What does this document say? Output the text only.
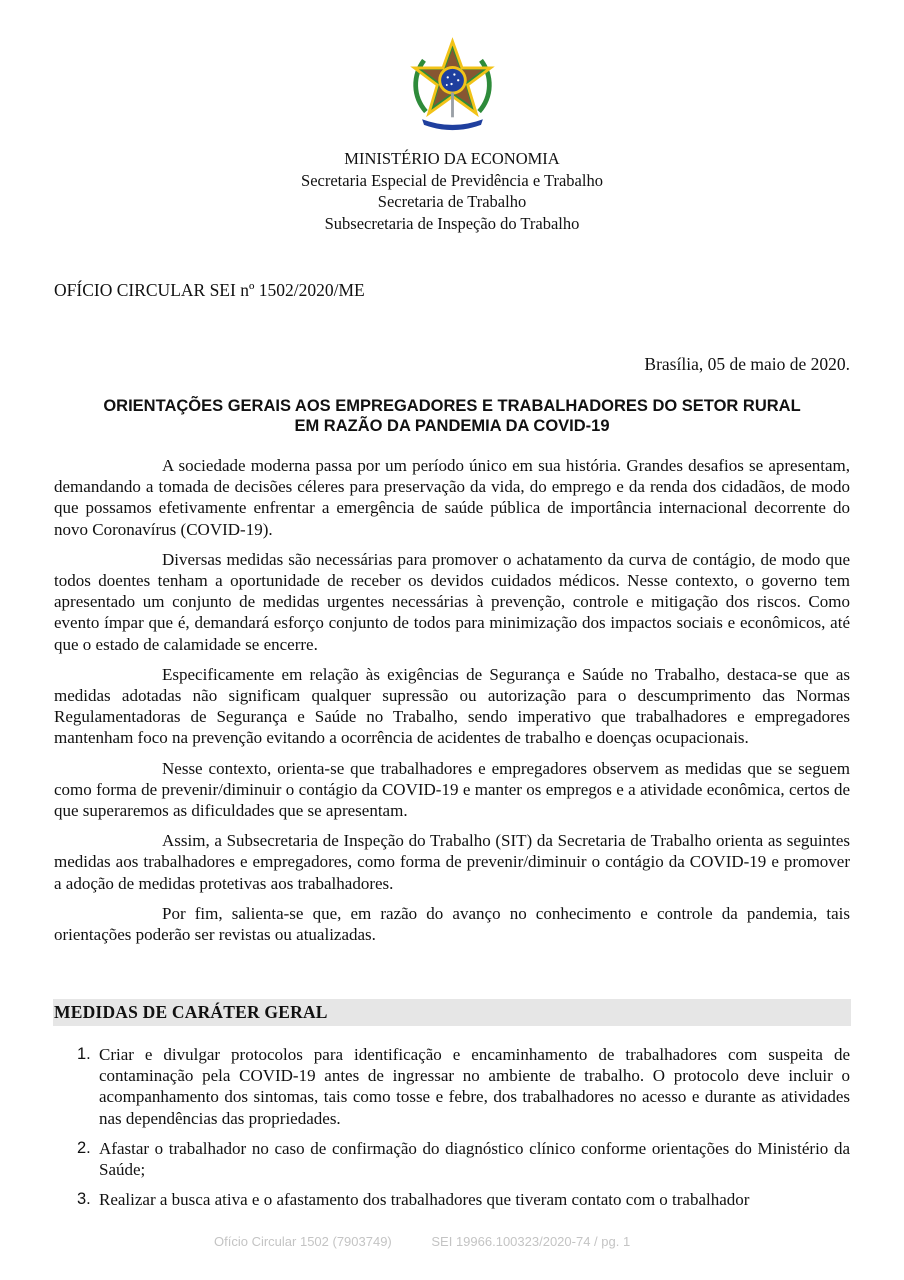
MINISTÉRIO DA ECONOMIA
Secretaria Especial de Previdência e Trabalho
Secretaria de Trabalho
Subsecretaria de Inspeção do Trabalho
OFÍCIO CIRCULAR SEI nº 1502/2020/ME
Brasília, 05 de maio de 2020.
ORIENTAÇÕES GERAIS AOS EMPREGADORES E TRABALHADORES DO SETOR RURAL
EM RAZÃO DA PANDEMIA DA COVID-19

A sociedade moderna passa por um período único em sua história. Grandes desafios se apresentam, demandando a tomada de decisões céleres para preservação da vida, do emprego e da renda dos cidadãos, de modo que possamos efetivamente enfrentar a emergência de saúde pública de importância internacional decorrente do novo Coronavírus (COVID-19).

Diversas medidas são necessárias para promover o achatamento da curva de contágio, de modo que todos doentes tenham a oportunidade de receber os devidos cuidados médicos. Nesse contexto, o governo tem apresentado um conjunto de medidas urgentes necessárias à prevenção, controle e mitigação dos riscos. Como evento ímpar que é, demandará esforço conjunto de todos para minimização dos impactos sociais e econômicos, até que o estado de calamidade se encerre.

Especificamente em relação às exigências de Segurança e Saúde no Trabalho, destaca-se que as medidas adotadas não significam qualquer supressão ou autorização para o descumprimento das Normas Regulamentadoras de Segurança e Saúde no Trabalho, sendo imperativo que trabalhadores e empregadores mantenham foco na prevenção evitando a ocorrência de acidentes de trabalho e doenças ocupacionais.

Nesse contexto, orienta-se que trabalhadores e empregadores observem as medidas que se seguem como forma de prevenir/diminuir o contágio da COVID-19 e manter os empregos e a atividade econômica, certos de que superaremos as dificuldades que se apresentam.

Assim, a Subsecretaria de Inspeção do Trabalho (SIT) da Secretaria de Trabalho orienta as seguintes medidas aos trabalhadores e empregadores, como forma de prevenir/diminuir o contágio da COVID-19 e promover a adoção de medidas protetivas aos trabalhadores.

Por fim, salienta-se que, em razão do avanço no conhecimento e controle da pandemia, tais orientações poderão ser revistas ou atualizadas.

MEDIDAS DE CARÁTER GERAL
1. Criar e divulgar protocolos para identificação e encaminhamento de trabalhadores com suspeita de contaminação pela COVID-19 antes de ingressar no ambiente de trabalho. O protocolo deve incluir o acompanhamento dos sintomas, tais como tosse e febre, dos trabalhadores no acesso e durante as atividades nas dependências das propriedades.
2. Afastar o trabalhador no caso de confirmação do diagnóstico clínico conforme orientações do Ministério da Saúde;
3. Realizar a busca ativa e o afastamento dos trabalhadores que tiveram contato com o trabalhador
Ofício Circular 1502 (7903749)	SEI 19966.100323/2020-74 / pg. 1
